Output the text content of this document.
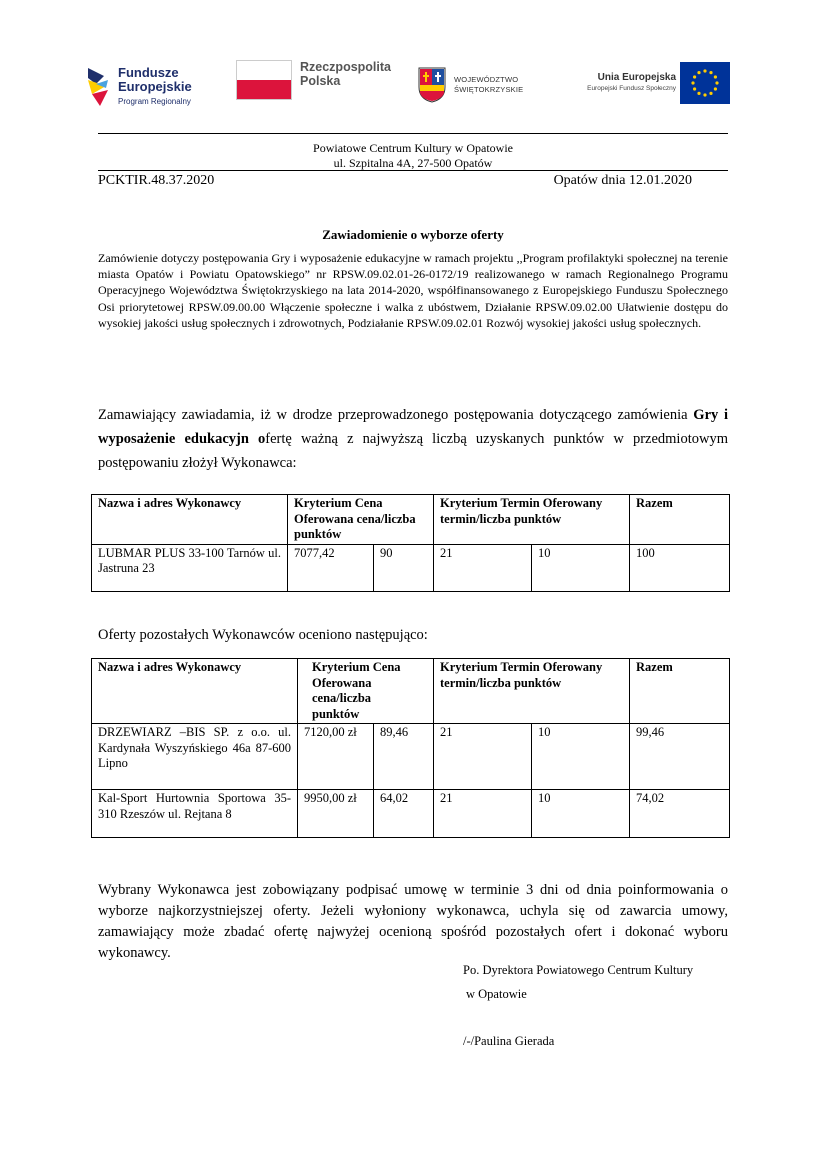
Fundusze
Europejskie
Program Regionalny
Rzeczpospolita
Polska	WOJEWÓDZTWO
ŚWIĘTOKRZYSKIE
Unia Europejska
Europejski Fundusz Społeczny
Powiatowe Centrum Kultury w Opatowie
ul. Szpitalna 4A, 27-500 Opatów
PCKTIR.48.37.2020	Opatów dnia 12.01.2020
Zawiadomienie o wyborze oferty
Zamówienie dotyczy postępowania Gry i wyposażenie edukacyjne w ramach projektu ,,Program profilaktyki społecznej na terenie miasta Opatów i Powiatu Opatowskiego” nr RPSW.09.02.01-26-0172/19 realizowanego w ramach Regionalnego Programu Operacyjnego Województwa Świętokrzyskiego na lata 2014-2020, współfinansowanego z Europejskiego Funduszu Społecznego Osi priorytetowej RPSW.09.00.00 Włączenie społeczne i walka z ubóstwem, Działanie RPSW.09.02.00 Ułatwienie dostępu do wysokiej jakości usług społecznych i zdrowotnych, Podziałanie RPSW.09.02.01 Rozwój wysokiej jakości usług społecznych.
Zamawiający zawiadamia, iż w drodze przeprowadzonego postępowania dotyczącego zamówienia Gry i wyposażenie edukacyjn ofertę ważną z najwyższą liczbą uzyskanych punktów w przedmiotowym postępowaniu złożył Wykonawca:
Nazwa i adres Wykonawcy	Kryterium Cena Oferowana cena/liczba punktów		Kryterium Termin Oferowany termin/liczba punktów		Razem
LUBMAR PLUS 33-100 Tarnów ul. Jastruna 23	7077,42	90	21	10	100
Oferty pozostałych Wykonawców oceniono następująco:
Nazwa i adres Wykonawcy	Kryterium Cena Oferowana cena/liczba punktów		Kryterium Termin Oferowany termin/liczba punktów		Razem
DRZEWIARZ –BIS SP. z o.o. ul. Kardynała Wyszyńskiego 46a 87-600 Lipno	7120,00 zł	89,46	21	10	99,46
Kal-Sport Hurtownia Sportowa 35-310 Rzeszów ul. Rejtana 8	9950,00 zł	64,02	21	10	74,02
Wybrany Wykonawca jest zobowiązany podpisać umowę w terminie 3 dni od dnia poinformowania o wyborze najkorzystniejszej oferty. Jeżeli wyłoniony wykonawca, uchyla się od zawarcia umowy, zamawiający może zbadać ofertę najwyżej ocenioną spośród pozostałych ofert i dokonać wyboru wykonawcy.
Po. Dyrektora Powiatowego Centrum Kultury
w Opatowie
/-/Paulina Gierada
